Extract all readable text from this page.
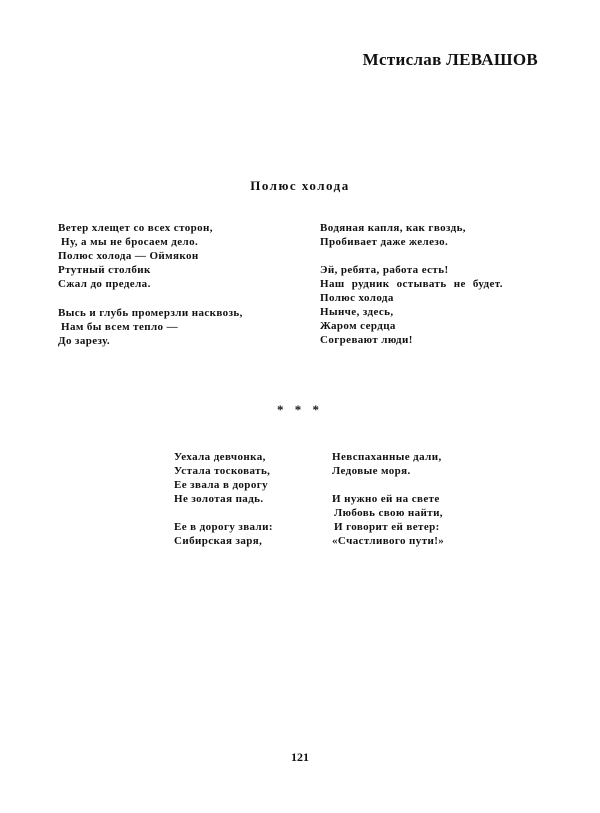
Мстислав ЛЕВАШОВ
Полюс холода
Ветер хлещет со всех сторон,
Ну, а мы не бросаем дело.
Полюс холода — Оймякон
Ртутный столбик
Сжал до предела.
Высь и глубь промерзли насквозь,
Нам бы всем тепло —
До зарезу.
Водяная капля, как гвоздь,
Пробивает даже железо.
Эй, ребята, работа есть!
Наш рудник остывать не будет.
Полюс холода
Нынче, здесь,
Жаром сердца
Согревают люди!
* * *
Уехала девчонка,
Устала тосковать,
Ее звала в дорогу
Не золотая падь.
Ее в дорогу звали:
Сибирская заря,
Невспаханные дали,
Ледовые моря.
И нужно ей на свете
Любовь свою найти,
И говорит ей ветер:
«Счастливого пути!»
121
